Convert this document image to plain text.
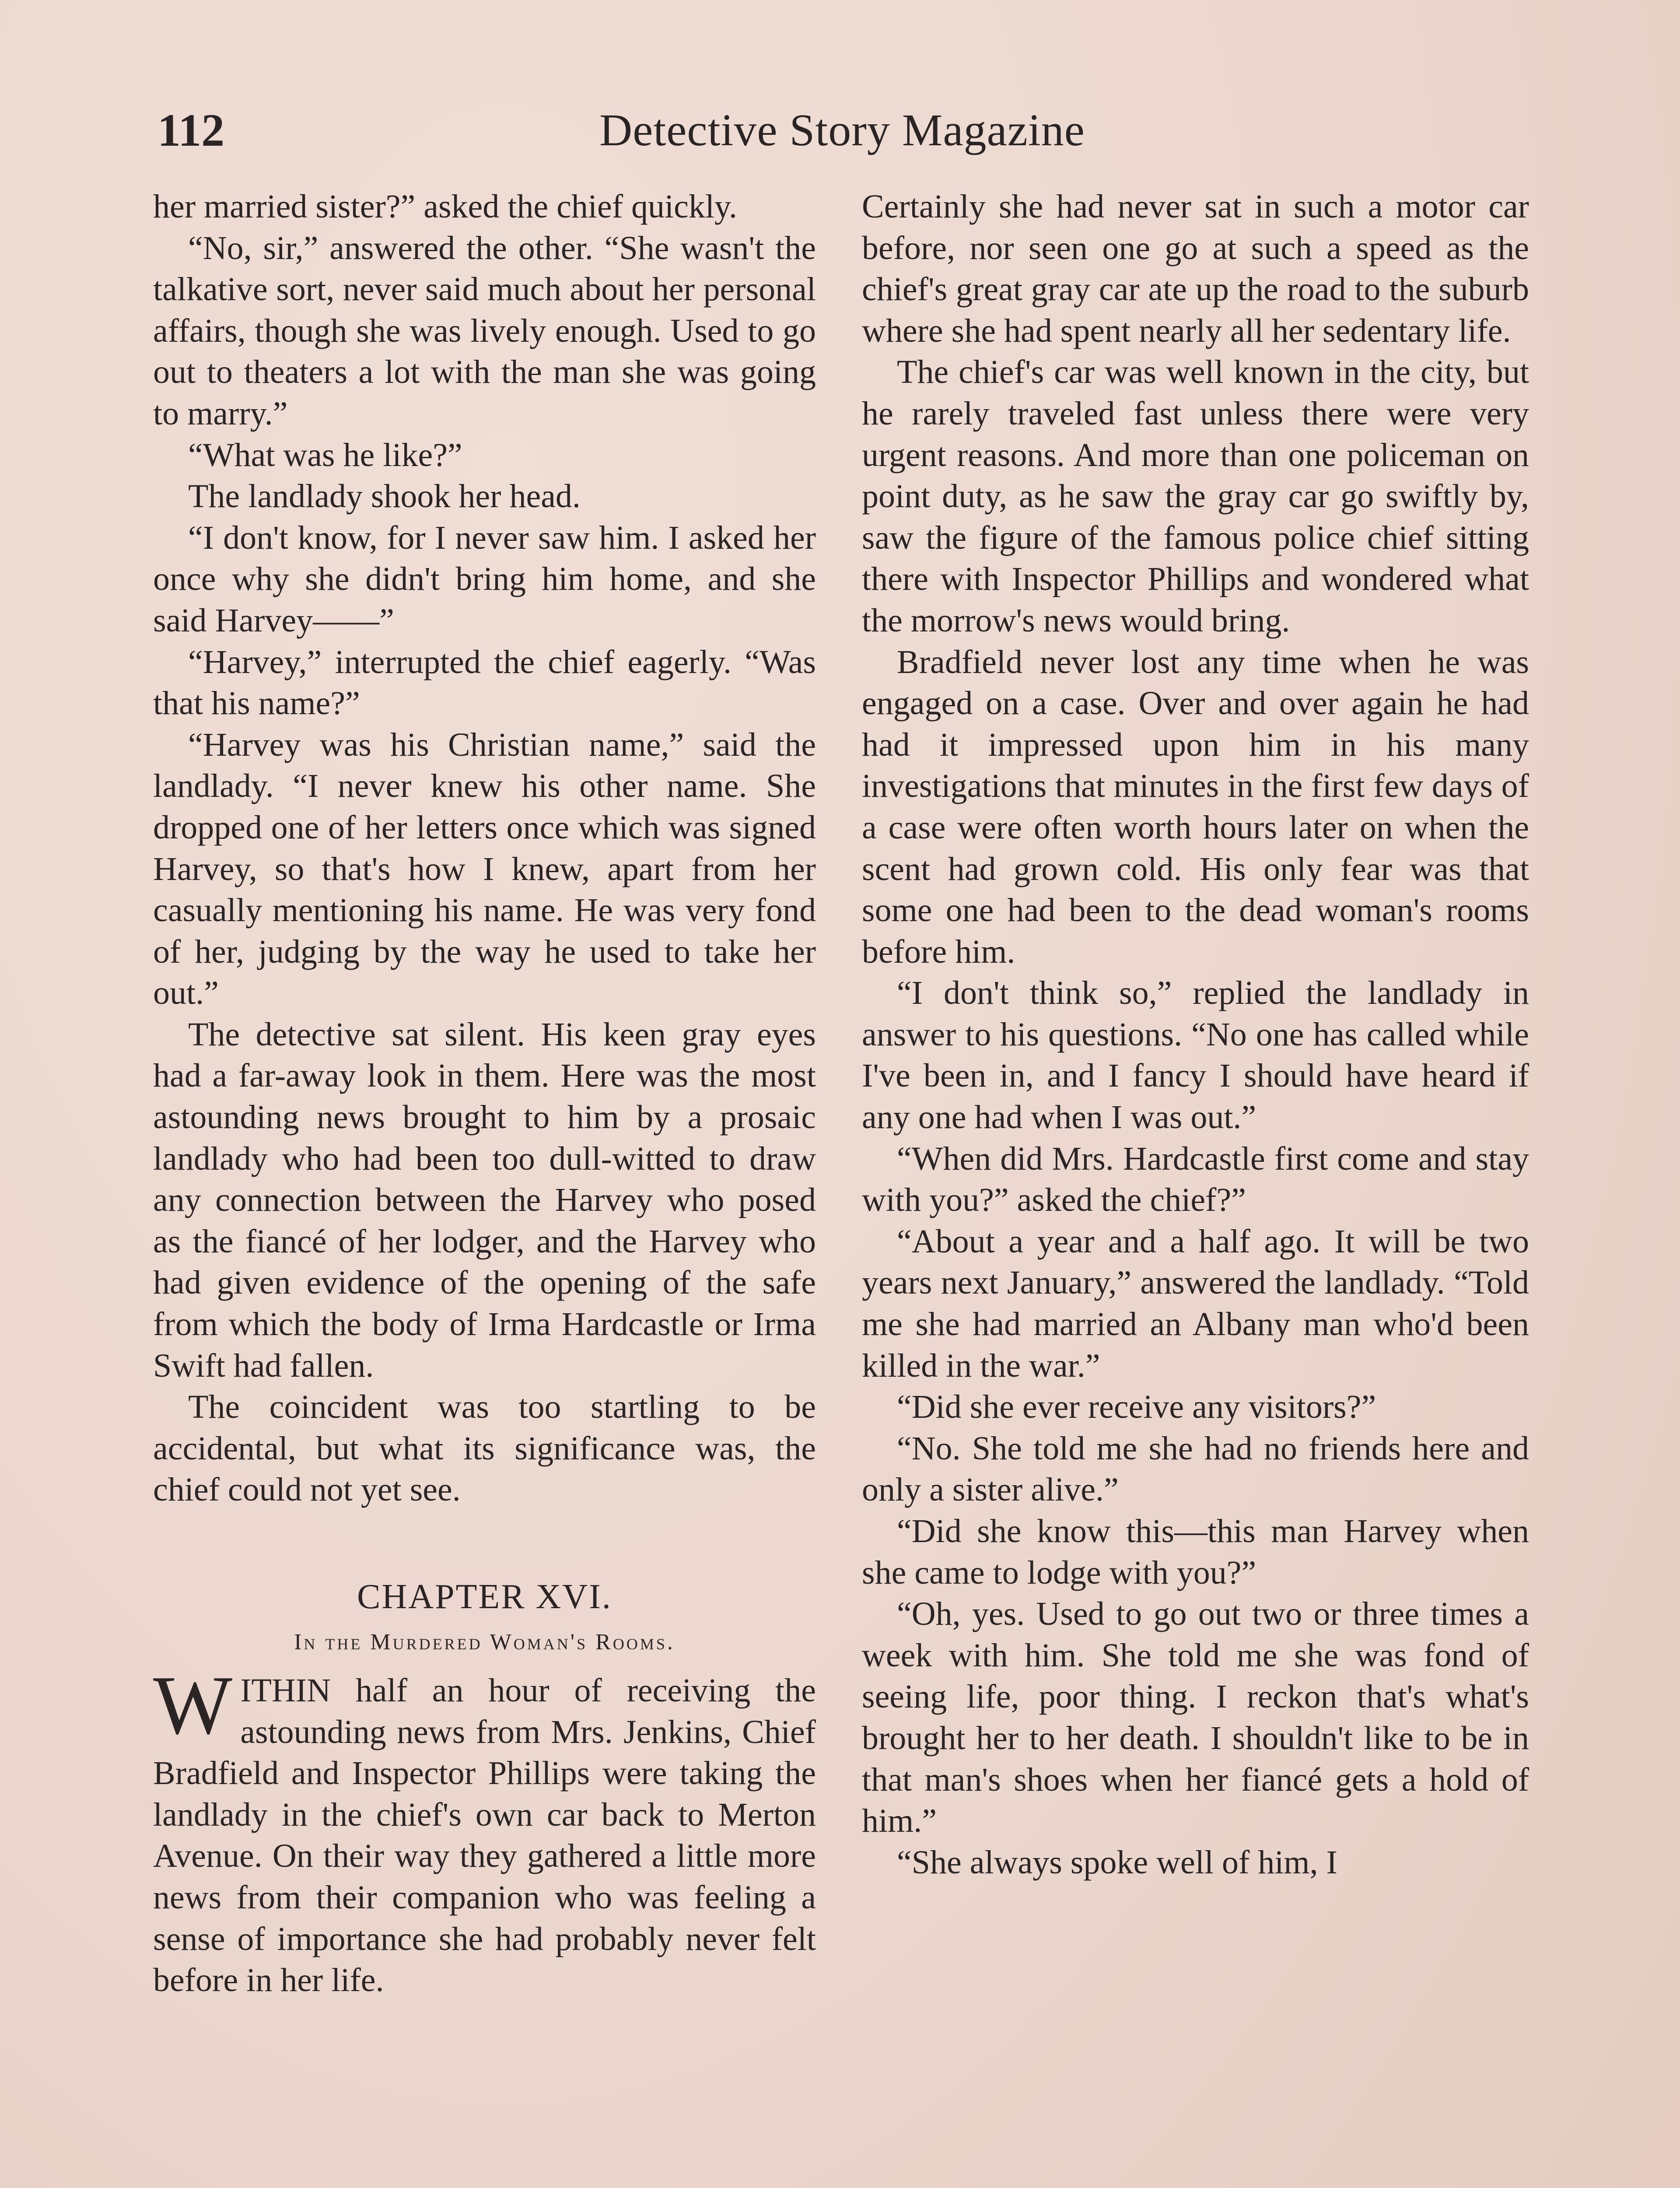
112	Detective Story Magazine

her married sister?” asked the chief quickly.

“No, sir,” answered the other. “She wasn't the talkative sort, never said much about her personal affairs, though she was lively enough. Used to go out to theaters a lot with the man she was going to marry.”

“What was he like?”

The landlady shook her head.

“I don't know, for I never saw him. I asked her once why she didn't bring him home, and she said Harvey——”

“Harvey,” interrupted the chief eagerly. “Was that his name?”

“Harvey was his Christian name,” said the landlady. “I never knew his other name. She dropped one of her letters once which was signed Harvey, so that's how I knew, apart from her casually mentioning his name. He was very fond of her, judging by the way he used to take her out.”

The detective sat silent. His keen gray eyes had a far-away look in them. Here was the most astounding news brought to him by a prosaic landlady who had been too dull-witted to draw any connection between the Harvey who posed as the fiancé of her lodger, and the Harvey who had given evidence of the opening of the safe from which the body of Irma Hardcastle or Irma Swift had fallen.

The coincident was too startling to be accidental, but what its significance was, the chief could not yet see.

CHAPTER XVI.
In the Murdered Woman's Rooms.

WITHIN half an hour of receiving the astounding news from Mrs. Jenkins, Chief Bradfield and Inspector Phillips were taking the landlady in the chief's own car back to Merton Avenue. On their way they gathered a little more news from their companion who was feeling a sense of importance she had probably never felt before in her life.

Certainly she had never sat in such a motor car before, nor seen one go at such a speed as the chief's great gray car ate up the road to the suburb where she had spent nearly all her sedentary life.

The chief's car was well known in the city, but he rarely traveled fast unless there were very urgent reasons. And more than one policeman on point duty, as he saw the gray car go swiftly by, saw the figure of the famous police chief sitting there with Inspector Phillips and wondered what the morrow's news would bring.

Bradfield never lost any time when he was engaged on a case. Over and over again he had had it impressed upon him in his many investigations that minutes in the first few days of a case were often worth hours later on when the scent had grown cold. His only fear was that some one had been to the dead woman's rooms before him.

“I don't think so,” replied the landlady in answer to his questions. “No one has called while I've been in, and I fancy I should have heard if any one had when I was out.”

“When did Mrs. Hardcastle first come and stay with you?” asked the chief?”

“About a year and a half ago. It will be two years next January,” answered the landlady. “Told me she had married an Albany man who'd been killed in the war.”

“Did she ever receive any visitors?”

“No. She told me she had no friends here and only a sister alive.”

“Did she know this—this man Harvey when she came to lodge with you?”

“Oh, yes. Used to go out two or three times a week with him. She told me she was fond of seeing life, poor thing. I reckon that's what's brought her to her death. I shouldn't like to be in that man's shoes when her fiancé gets a hold of him.”

“She always spoke well of him, I
